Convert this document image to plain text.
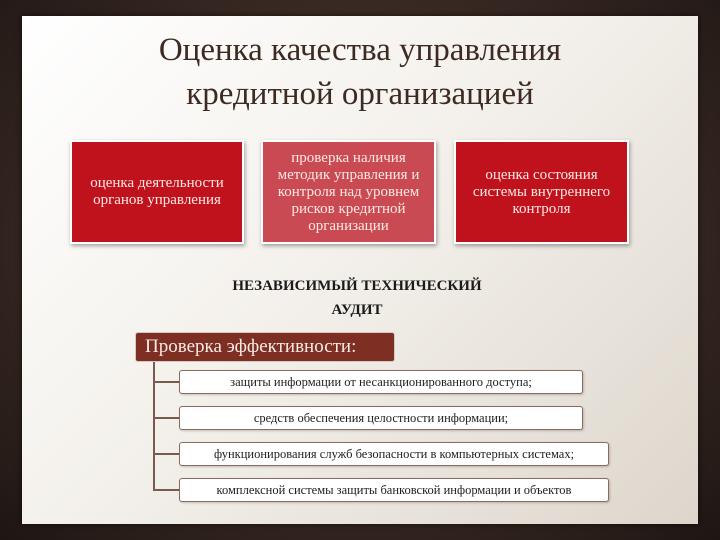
Оценка качества управления
кредитной организацией
оценка деятельности органов управления
проверка наличия методик управления и контроля над уровнем рисков кредитной организации
оценка состояния системы внутреннего контроля
НЕЗАВИСИМЫЙ ТЕХНИЧЕСКИЙ
АУДИТ
Проверка эффективности:
защиты информации от несанкционированного доступа;
средств обеспечения целостности информации;
функционирования служб безопасности в компьютерных системах;
комплексной системы защиты банковской информации и объектов
